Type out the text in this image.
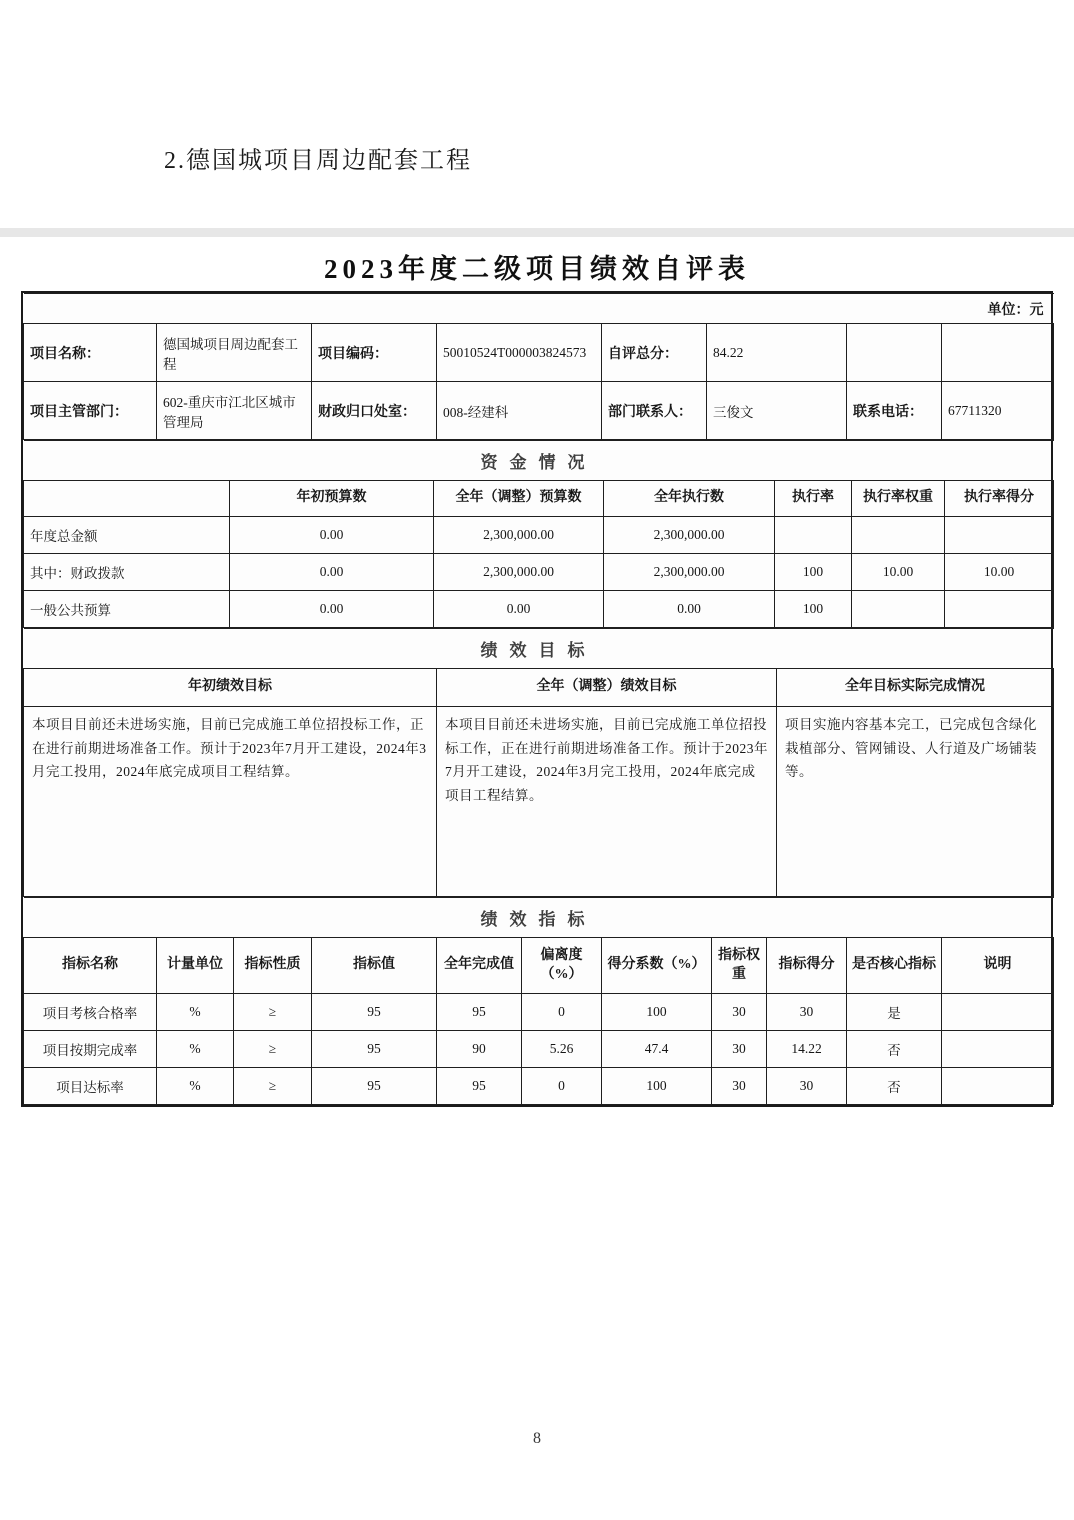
2.德国城项目周边配套工程
2023年度二级项目绩效自评表
单位：元							
项目名称：	德国城项目周边配套工程	项目编码：	50010524T000003824573	自评总分：	84.22		
项目主管部门：	602-重庆市江北区城市管理局	财政归口处室：	008-经建科	部门联系人：	三俊文	联系电话：	67711320
资金情况						
	年初预算数	全年（调整）预算数	全年执行数	执行率	执行率权重	执行率得分
年度总金额	0.00	2,300,000.00	2,300,000.00			
其中：财政拨款	0.00	2,300,000.00	2,300,000.00	100	10.00	10.00
一般公共预算	0.00	0.00	0.00	100		
绩效目标		
年初绩效目标	全年（调整）绩效目标	全年目标实际完成情况
本项目目前还未进场实施，目前已完成施工单位招投标工作，正在进行前期进场准备工作。预计于2023年7月开工建设，2024年3月完工投用，2024年底完成项目工程结算。	本项目目前还未进场实施，目前已完成施工单位招投标工作，正在进行前期进场准备工作。预计于2023年7月开工建设，2024年3月完工投用，2024年底完成项目工程结算。	项目实施内容基本完工，已完成包含绿化栽植部分、管网铺设、人行道及广场铺装等。
绩效指标										
指标名称	计量单位	指标性质	指标值	全年完成值	偏离度（%）	得分系数（%）	指标权重	指标得分	是否核心指标	说明
项目考核合格率	%	≥	95	95	0	100	30	30	是	
项目按期完成率	%	≥	95	90	5.26	47.4	30	14.22	否	
项目达标率	%	≥	95	95	0	100	30	30	否	
8
